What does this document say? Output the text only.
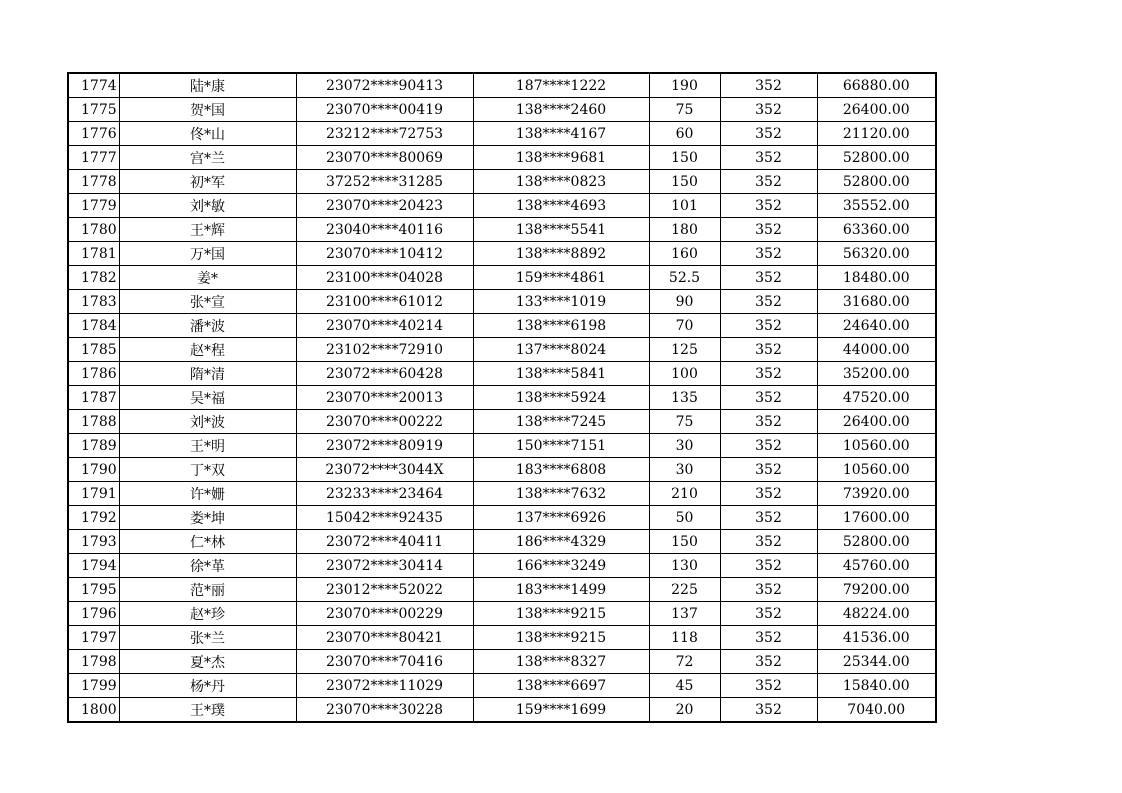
1774	陆*康	23072****90413	187****1222	190	352	66880.00
1775	贺*国	23070****00419	138****2460	75	352	26400.00
1776	佟*山	23212****72753	138****4167	60	352	21120.00
1777	宫*兰	23070****80069	138****9681	150	352	52800.00
1778	初*军	37252****31285	138****0823	150	352	52800.00
1779	刘*敏	23070****20423	138****4693	101	352	35552.00
1780	王*辉	23040****40116	138****5541	180	352	63360.00
1781	万*国	23070****10412	138****8892	160	352	56320.00
1782	姜*	23100****04028	159****4861	52.5	352	18480.00
1783	张*宣	23100****61012	133****1019	90	352	31680.00
1784	潘*波	23070****40214	138****6198	70	352	24640.00
1785	赵*程	23102****72910	137****8024	125	352	44000.00
1786	隋*清	23072****60428	138****5841	100	352	35200.00
1787	吴*福	23070****20013	138****5924	135	352	47520.00
1788	刘*波	23070****00222	138****7245	75	352	26400.00
1789	王*明	23072****80919	150****7151	30	352	10560.00
1790	丁*双	23072****3044X	183****6808	30	352	10560.00
1791	许*姗	23233****23464	138****7632	210	352	73920.00
1792	娄*坤	15042****92435	137****6926	50	352	17600.00
1793	仁*林	23072****40411	186****4329	150	352	52800.00
1794	徐*革	23072****30414	166****3249	130	352	45760.00
1795	范*丽	23012****52022	183****1499	225	352	79200.00
1796	赵*珍	23070****00229	138****9215	137	352	48224.00
1797	张*兰	23070****80421	138****9215	118	352	41536.00
1798	夏*杰	23070****70416	138****8327	72	352	25344.00
1799	杨*丹	23072****11029	138****6697	45	352	15840.00
1800	王*璞	23070****30228	159****1699	20	352	7040.00
